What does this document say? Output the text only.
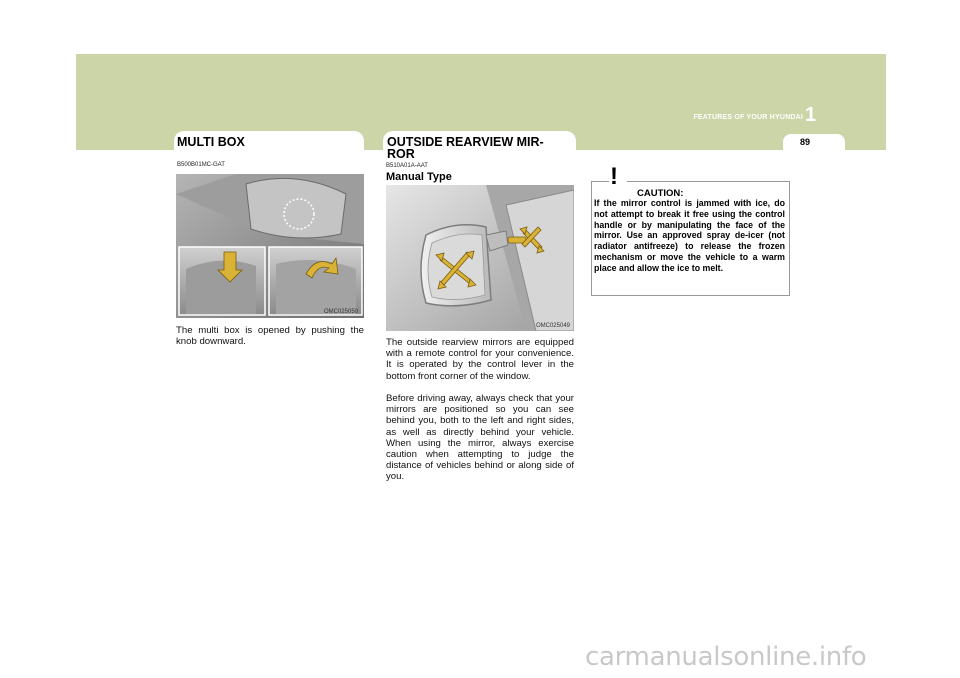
FEATURES OF YOUR HYUNDAI 1
89
MULTI BOX
B500B01MC-GAT
OMC025050
The multi box is opened by pushing the knob downward.
OUTSIDE REARVIEW MIR-
ROR
B510A01A-AAT
Manual Type
OMC025049
The outside rearview mirrors are equipped with a remote control for your convenience. It is operated by the control lever in the bottom front corner of the window.
Before driving away, always check that your mirrors are positioned so you can see behind you, both to the left and right sides, as well as directly behind your vehicle. When using the mirror, always exercise caution when attempting to judge the distance of vehicles behind or along side of you.
!
CAUTION:
If the mirror control is jammed with ice, do not attempt to break it free using the control handle or by manipulating the face of the mirror. Use an approved spray de-icer (not radiator antifreeze) to release the frozen mechanism or move the vehicle to a warm place and allow the ice to melt.
carmanualsonline.info
